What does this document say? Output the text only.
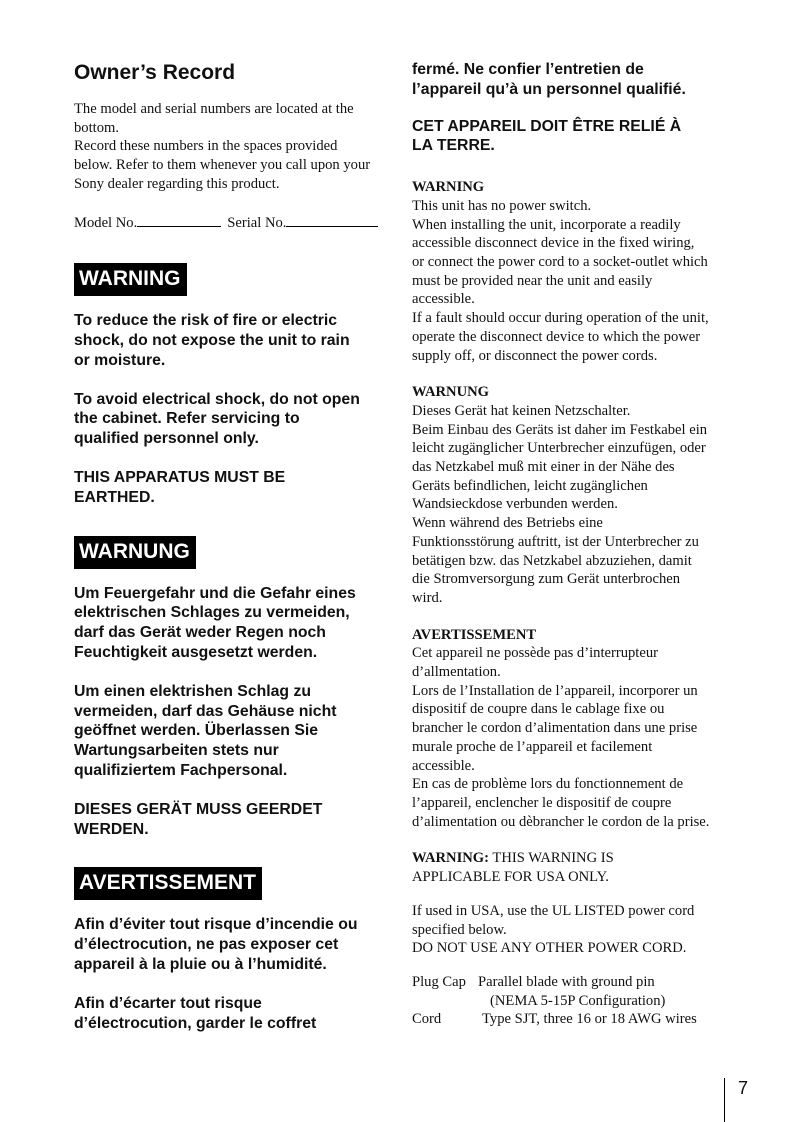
Owner’s Record
The model and serial numbers are located at the
bottom.
Record these numbers in the spaces provided
below. Refer to them whenever you call upon your
Sony dealer regarding this product.
Model No.	Serial No.
WARNING
To reduce the risk of fire or electric
shock, do not expose the unit to rain
or moisture.
To avoid electrical shock, do not open
the cabinet. Refer servicing to
qualified personnel only.
THIS APPARATUS MUST BE
EARTHED.
WARNUNG
Um Feuergefahr und die Gefahr eines
elektrischen Schlages zu vermeiden,
darf das Gerät weder Regen noch
Feuchtigkeit ausgesetzt werden.
Um einen elektrishen Schlag zu
vermeiden, darf das Gehäuse nicht
geöffnet werden. Überlassen Sie
Wartungsarbeiten stets nur
qualifiziertem Fachpersonal.
DIESES GERÄT MUSS GEERDET
WERDEN.
AVERTISSEMENT
Afin d’éviter tout risque d’incendie ou
d’électrocution, ne pas exposer cet
appareil à la pluie ou à l’humidité.
Afin d’écarter tout risque
d’électrocution, garder le coffret
fermé. Ne confier l’entretien de
l’appareil qu’à un personnel qualifié.
CET APPAREIL DOIT ÊTRE RELIÉ À
LA TERRE.
WARNING
This unit has no power switch.
When installing the unit, incorporate a readily
accessible disconnect device in the fixed wiring,
or connect the power cord to a socket-outlet which
must be provided near the unit and easily
accessible.
If a fault should occur during operation of the unit,
operate the disconnect device to which the power
supply off, or disconnect the power cords.
WARNUNG
Dieses Gerät hat keinen Netzschalter.
Beim Einbau des Geräts ist daher im Festkabel ein
leicht zugänglicher Unterbrecher einzufügen, oder
das Netzkabel muß mit einer in der Nähe des
Geräts befindlichen, leicht zugänglichen
Wandsieckdose verbunden werden.
Wenn während des Betriebs eine
Funktionsstörung auftritt, ist der Unterbrecher zu
betätigen bzw. das Netzkabel abzuziehen, damit
die Stromversorgung zum Gerät unterbrochen
wird.
AVERTISSEMENT
Cet appareil ne possède pas d’interrupteur
d’allmentation.
Lors de l’Installation de l’appareil, incorporer un
dispositif de coupre dans le cablage fixe ou
brancher le cordon d’alimentation dans une prise
murale proche de l’appareil et facilement
accessible.
En cas de problème lors du fonctionnement de
l’appareil, enclencher le dispositif de coupre
d’alimentation ou dèbrancher le cordon de la prise.
WARNING: THIS WARNING IS
APPLICABLE FOR USA ONLY.
If used in USA, use the UL LISTED power cord
specified below.
DO NOT USE ANY OTHER POWER CORD.
Plug Cap Parallel blade with ground pin
(NEMA 5-15P Configuration)
Cord	Type SJT, three 16 or 18 AWG wires
7
